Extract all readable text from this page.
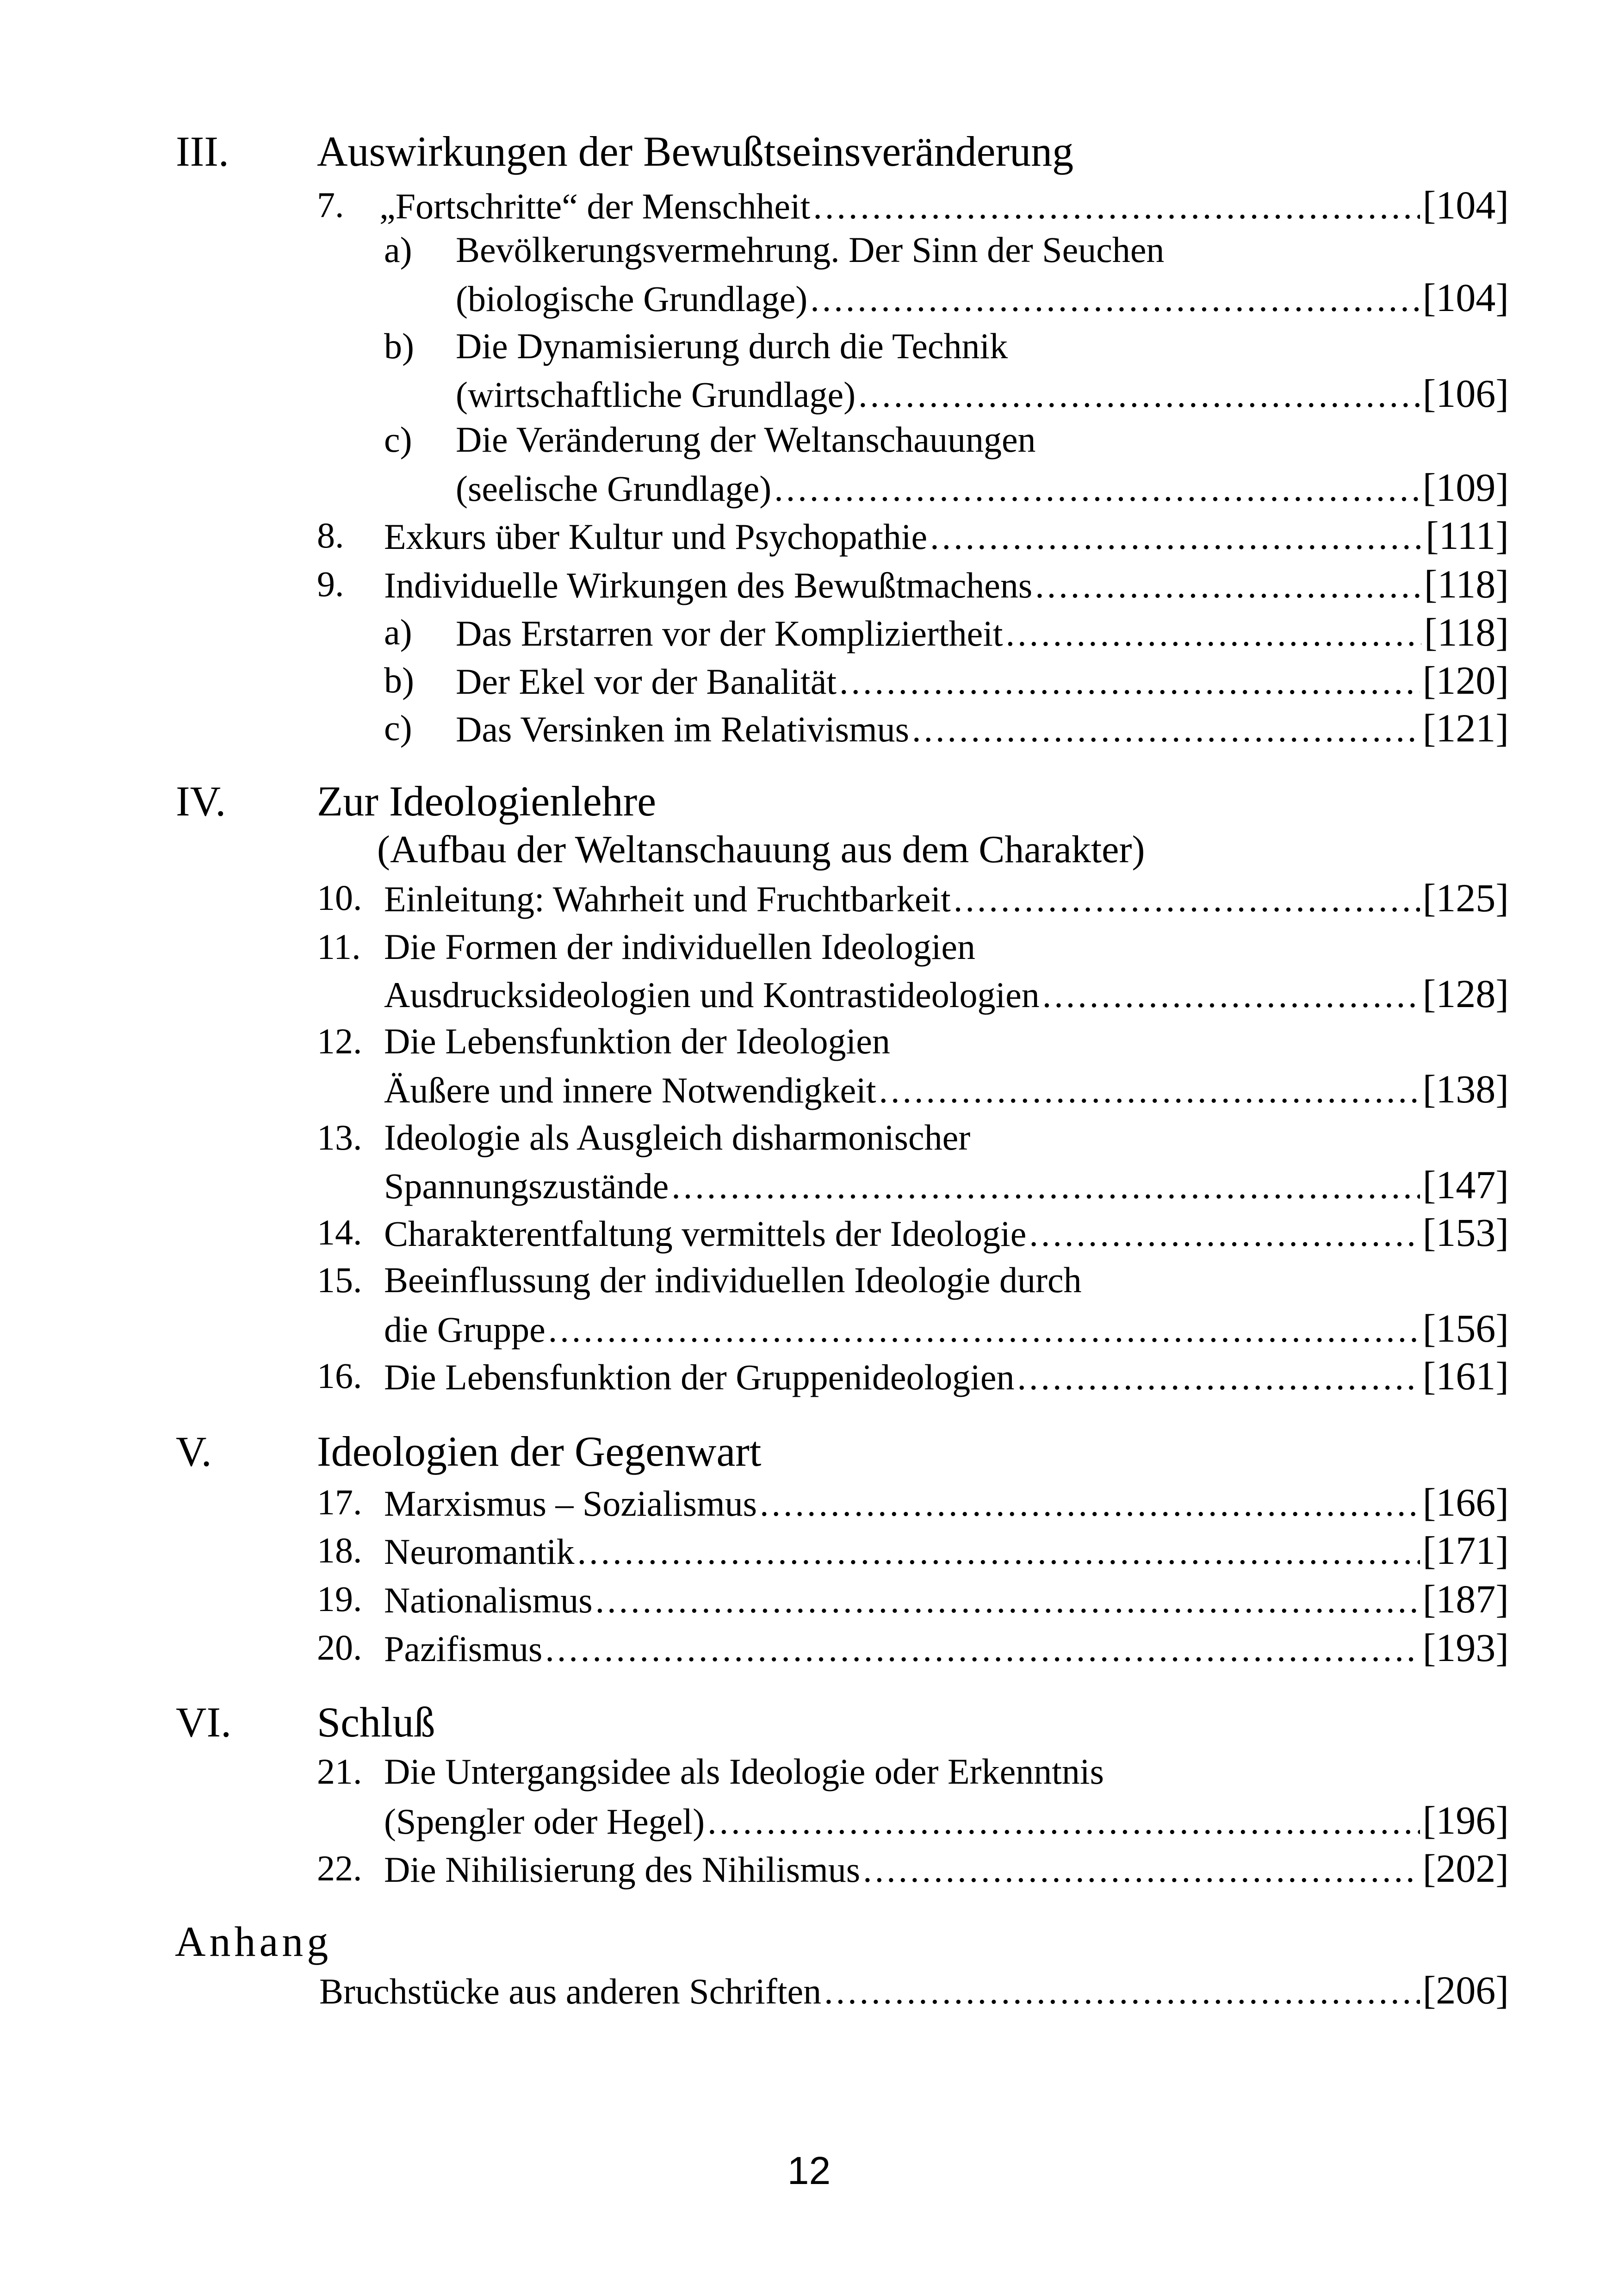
III. Auswirkungen der Bewußtseinsveränderung
7. „Fortschritte“ der Menschheit .....	[104]
a) Bevölkerungsvermehrung. Der Sinn der Seuchen
(biologische Grundlage) .....	[104]
b) Die Dynamisierung durch die Technik
(wirtschaftliche Grundlage) .....	[106]
c) Die Veränderung der Weltanschauungen
(seelische Grundlage) .....	[109]
8. Exkurs über Kultur und Psychopathie .....	[111]
9. Individuelle Wirkungen des Bewußtmachens .....	[118]
a) Das Erstarren vor der Kompliziertheit .....	[118]
b) Der Ekel vor der Banalität .....	[120]
c) Das Versinken im Relativismus .....	[121]
IV. Zur Ideologienlehre
(Aufbau der Weltanschauung aus dem Charakter)
10. Einleitung: Wahrheit und Fruchtbarkeit .....	[125]
11. Die Formen der individuellen Ideologien
Ausdrucksideologien und Kontrastideologien .....	[128]
12. Die Lebensfunktion der Ideologien
Äußere und innere Notwendigkeit .....	[138]
13. Ideologie als Ausgleich disharmonischer
Spannungszustände .....	[147]
14. Charakterentfaltung vermittels der Ideologie .....	[153]
15. Beeinflussung der individuellen Ideologie durch
die Gruppe .....	[156]
16. Die Lebensfunktion der Gruppenideologien .....	[161]
V. Ideologien der Gegenwart
17. Marxismus – Sozialismus .....	[166]
18. Neuromantik .....	[171]
19. Nationalismus .....	[187]
20. Pazifismus .....	[193]
VI. Schluß
21. Die Untergangsidee als Ideologie oder Erkenntnis
(Spengler oder Hegel) .....	[196]
22. Die Nihilisierung des Nihilismus .....	[202]
Anhang
Bruchstücke aus anderen Schriften .....	[206]
12
